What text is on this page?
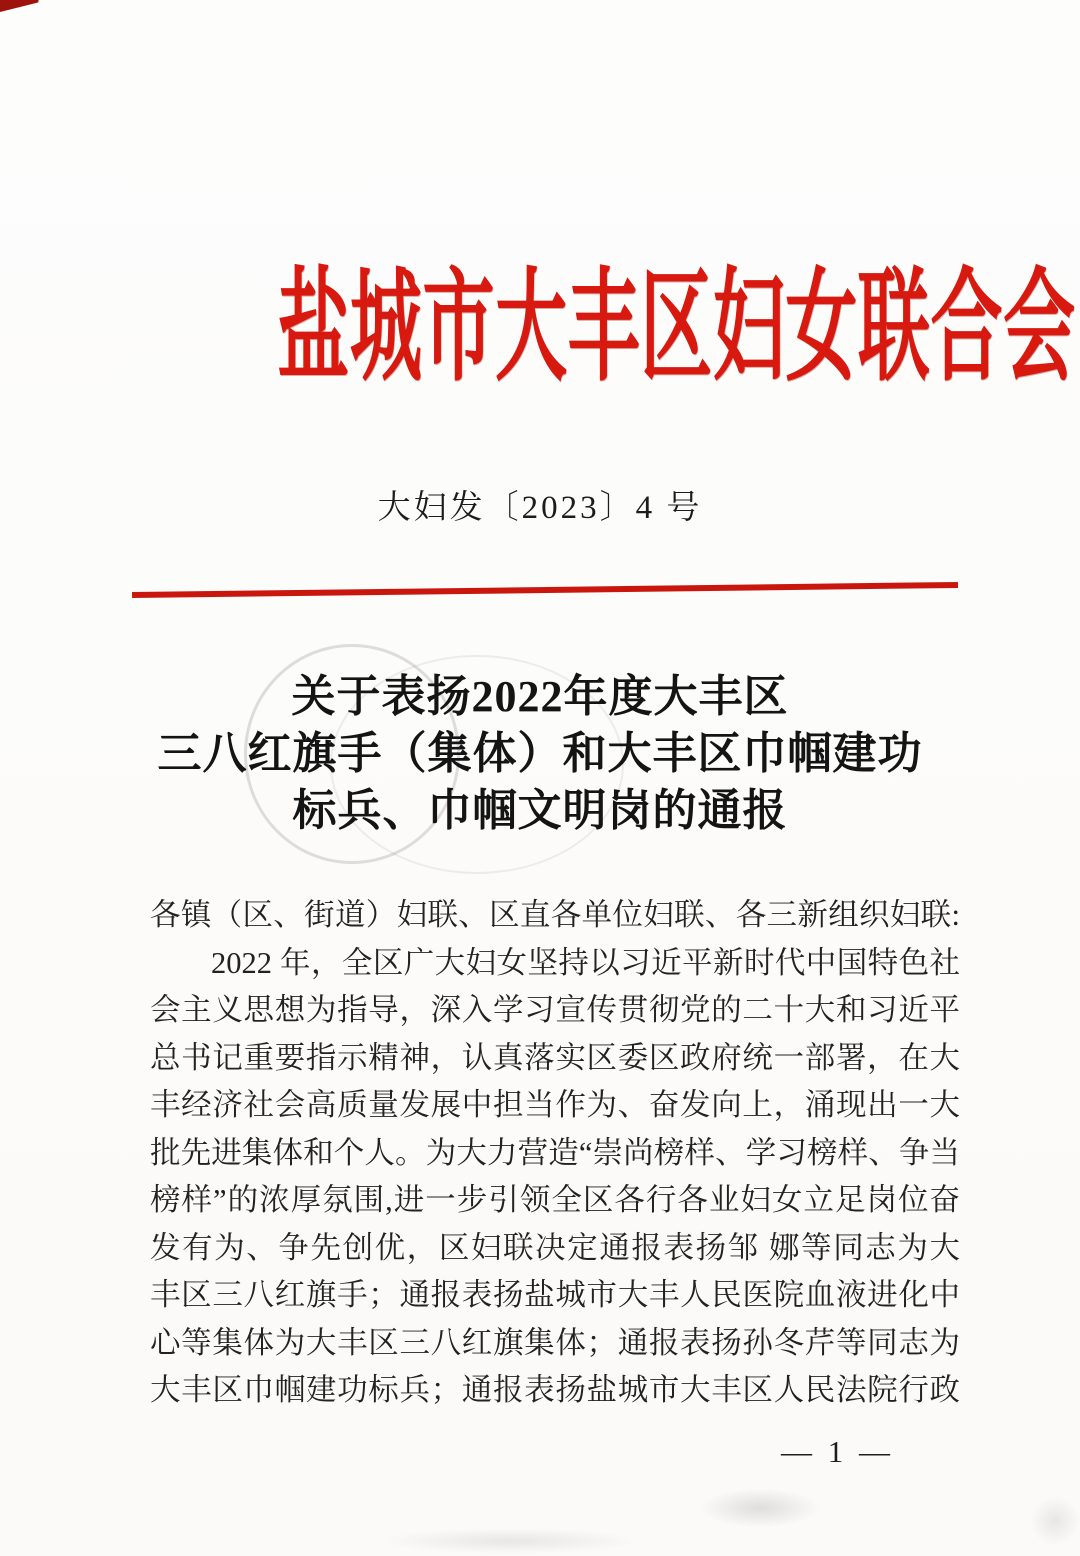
盐城市大丰区妇女联合会
大妇发〔2023〕4 号
关于表扬2022年度大丰区
三八红旗手（集体）和大丰区巾帼建功
标兵、巾帼文明岗的通报
各镇（区、街道）妇联、区直各单位妇联、各三新组织妇联:
2022 年，全区广大妇女坚持以习近平新时代中国特色社
会主义思想为指导，深入学习宣传贯彻党的二十大和习近平
总书记重要指示精神，认真落实区委区政府统一部署，在大
丰经济社会高质量发展中担当作为、奋发向上，涌现出一大
批先进集体和个人。为大力营造“崇尚榜样、学习榜样、争当
榜样”的浓厚氛围,进一步引领全区各行各业妇女立足岗位奋
发有为、争先创优，区妇联决定通报表扬邹 娜等同志为大
丰区三八红旗手；通报表扬盐城市大丰人民医院血液进化中
心等集体为大丰区三八红旗集体；通报表扬孙冬芹等同志为
大丰区巾帼建功标兵；通报表扬盐城市大丰区人民法院行政
— 1 —
